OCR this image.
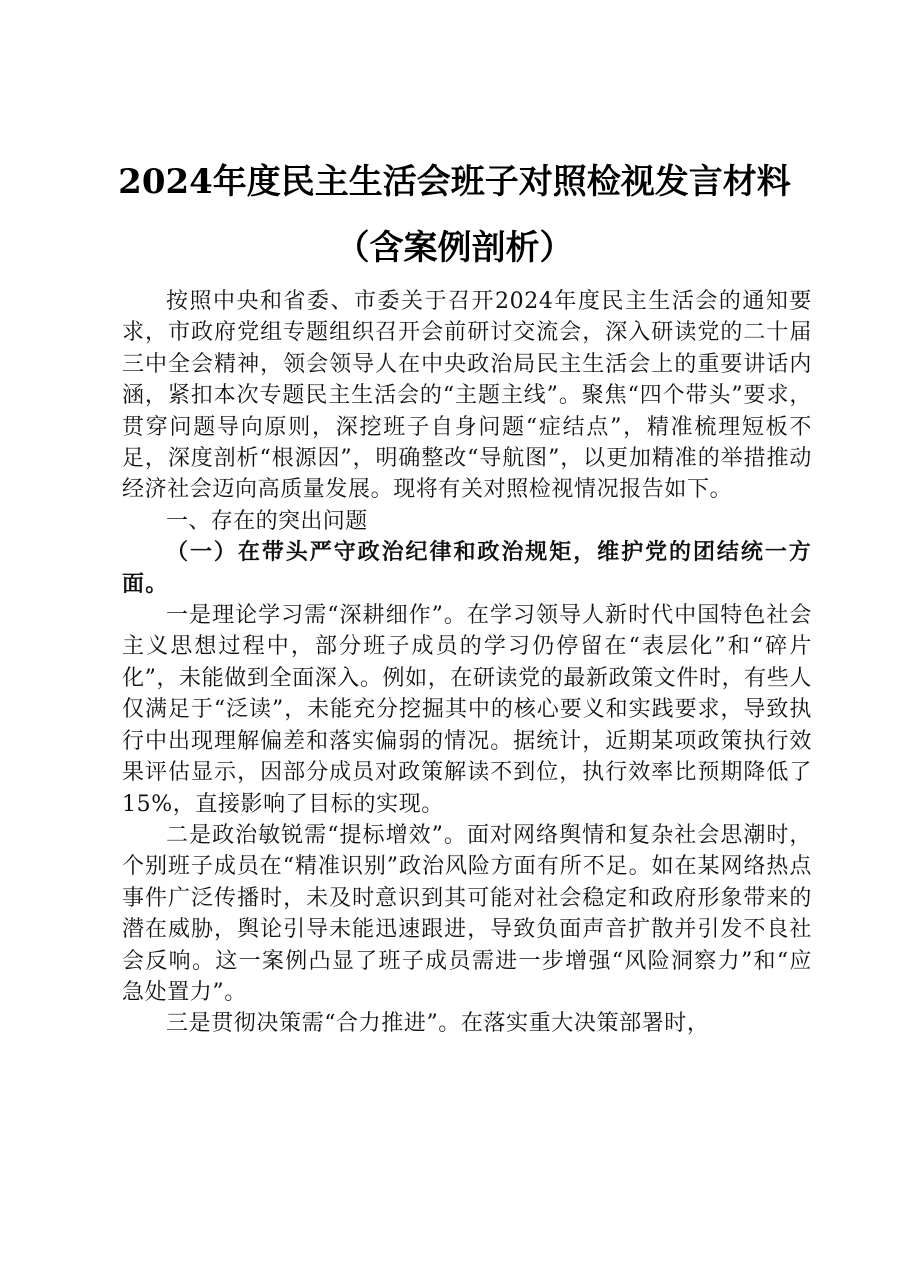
2024年度民主生活会班子对照检视发言材料
（含案例剖析）

按照中央和省委、市委关于召开2024年度民主生活会的通知要求，市政府党组专题组织召开会前研讨交流会，深入研读党的二十届三中全会精神，领会领导人在中央政治局民主生活会上的重要讲话内涵，紧扣本次专题民主生活会的“主题主线”。聚焦“四个带头”要求，贯穿问题导向原则，深挖班子自身问题“症结点”，精准梳理短板不足，深度剖析“根源因”，明确整改“导航图”，以更加精准的举措推动经济社会迈向高质量发展。现将有关对照检视情况报告如下。

一、存在的突出问题

（一）在带头严守政治纪律和政治规矩，维护党的团结统一方面。

一是理论学习需“深耕细作”。在学习领导人新时代中国特色社会主义思想过程中，部分班子成员的学习仍停留在“表层化”和“碎片化”，未能做到全面深入。例如，在研读党的最新政策文件时，有些人仅满足于“泛读”，未能充分挖掘其中的核心要义和实践要求，导致执行中出现理解偏差和落实偏弱的情况。据统计，近期某项政策执行效果评估显示，因部分成员对政策解读不到位，执行效率比预期降低了15%，直接影响了目标的实现。

二是政治敏锐需“提标增效”。面对网络舆情和复杂社会思潮时，个别班子成员在“精准识别”政治风险方面有所不足。如在某网络热点事件广泛传播时，未及时意识到其可能对社会稳定和政府形象带来的潜在威胁，舆论引导未能迅速跟进，导致负面声音扩散并引发不良社会反响。这一案例凸显了班子成员需进一步增强“风险洞察力”和“应急处置力”。

三是贯彻决策需“合力推进”。在落实重大决策部署时，
